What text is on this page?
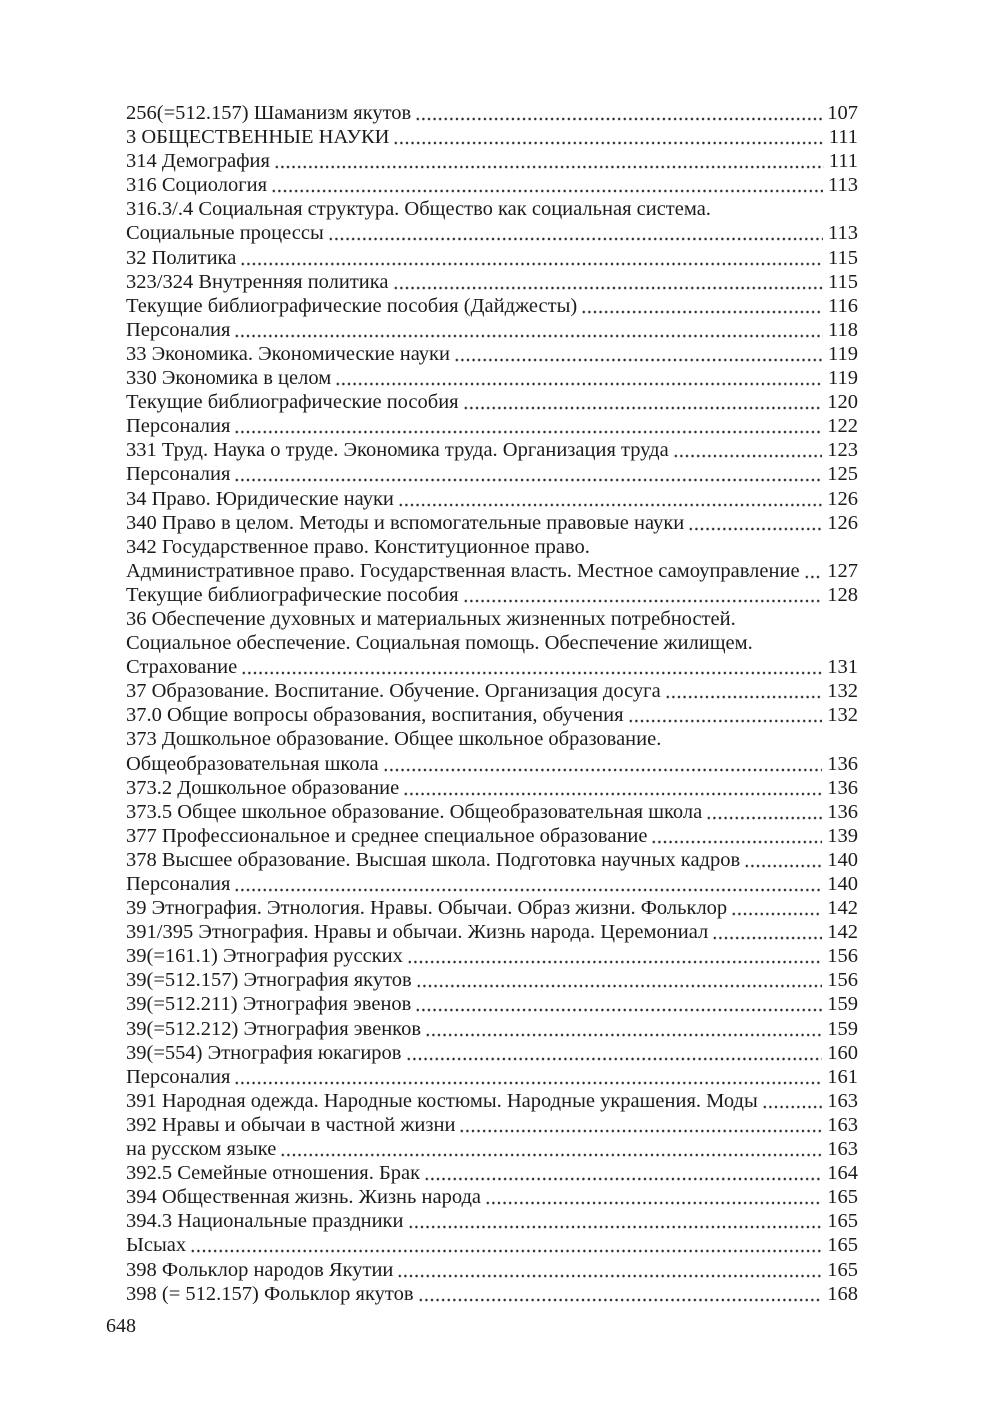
256(=512.157) Шаманизм якутов	107
3 ОБЩЕСТВЕННЫЕ НАУКИ	111
314 Демография	111
316 Социология	113
316.3/.4 Социальная структура. Общество как социальная система.
Социальные процессы	113
32 Политика	115
323/324 Внутренняя политика	115
Текущие библиографические пособия (Дайджесты)	116
Персоналия	118
33 Экономика. Экономические науки	119
330 Экономика в целом	119
Текущие библиографические пособия	120
Персоналия	122
331 Труд. Наука о труде. Экономика труда. Организация труда	123
Персоналия	125
34 Право. Юридические науки	126
340 Право в целом. Методы и вспомогательные правовые науки	126
342 Государственное право. Конституционное право.
Административное право. Государственная власть. Местное самоуправление 127
Текущие библиографические пособия	128
36 Обеспечение духовных и материальных жизненных потребностей.
Социальное обеспечение. Социальная помощь. Обеспечение жилищем.
Страхование	131
37 Образование. Воспитание. Обучение. Организация досуга	132
37.0 Общие вопросы образования, воспитания, обучения	132
373 Дошкольное образование. Общее школьное образование.
Общеобразовательная школа	136
373.2 Дошкольное образование	136
373.5 Общее школьное образование. Общеобразовательная школа	136
377 Профессиональное и среднее специальное образование	139
378 Высшее образование. Высшая школа. Подготовка научных кадров	140
Персоналия	140
39 Этнография. Этнология. Нравы. Обычаи. Образ жизни. Фольклор	142
391/395 Этнография. Нравы и обычаи. Жизнь народа. Церемониал	142
39(=161.1) Этнография русских	156
39(=512.157) Этнография якутов	156
39(=512.211) Этнография эвенов	159
39(=512.212) Этнография эвенков	159
39(=554) Этнография юкагиров	160
Персоналия	161
391 Народная одежда. Народные костюмы. Народные украшения. Моды	163
392 Нравы и обычаи в частной жизни	163
на русском языке	163
392.5 Семейные отношения. Брак	164
394 Общественная жизнь. Жизнь народа	165
394.3 Национальные праздники	165
Ысыах	165
398 Фольклор народов Якутии	165
398 (= 512.157) Фольклор якутов	168
648
